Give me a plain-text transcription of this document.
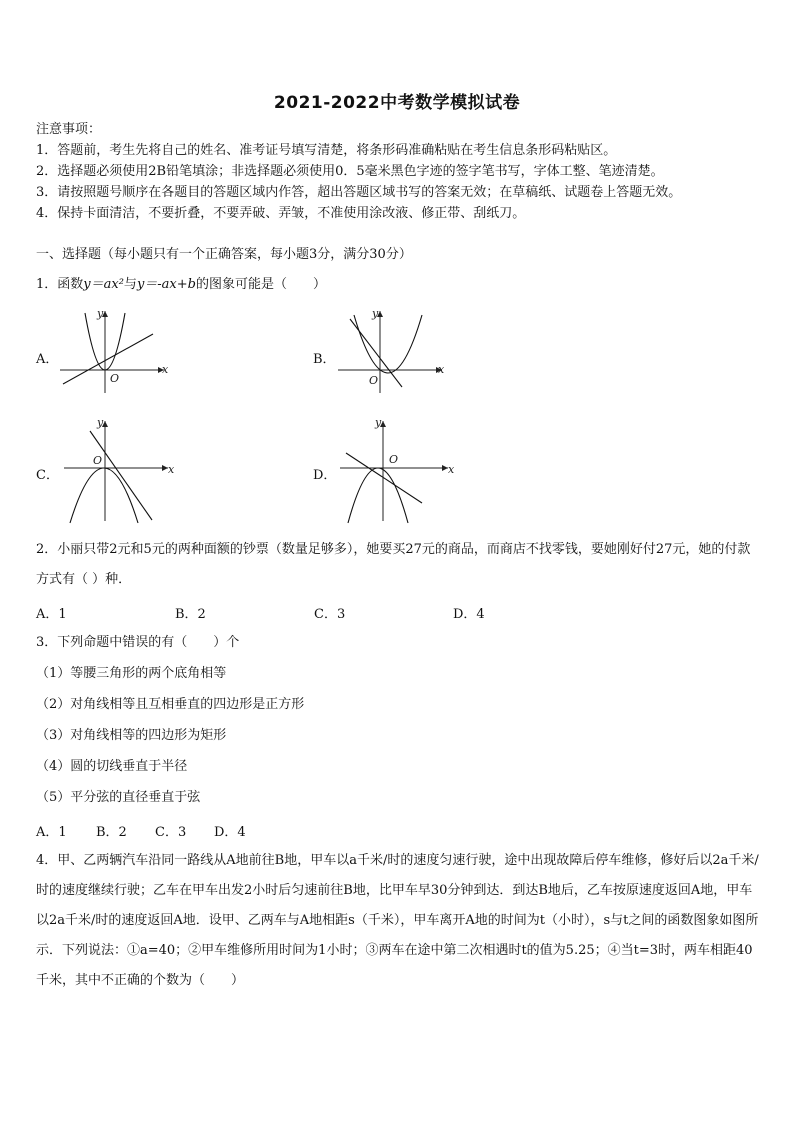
2021-2022中考数学模拟试卷
注意事项：
1．答题前，考生先将自己的姓名、准考证号填写清楚，将条形码准确粘贴在考生信息条形码粘贴区。
2．选择题必须使用2B铅笔填涂；非选择题必须使用0．5毫米黑色字迹的签字笔书写，字体工整、笔迹清楚。
3．请按照题号顺序在各题目的答题区域内作答，超出答题区域书写的答案无效；在草稿纸、试题卷上答题无效。
4．保持卡面清洁，不要折叠，不要弄破、弄皱，不准使用涂改液、修正带、刮纸刀。
一、选择题（每小题只有一个正确答案，每小题3分，满分30分）
1．函数y＝ax²与y＝-ax+b的图象可能是（　　）
A．
y
x
O
B．
y
x
O
C．
y
x
O
D．
y
x
O
2．小丽只带2元和5元的两种面额的钞票（数量足够多），她要买27元的商品，而商店不找零钱，要她刚好付27元，她的付款方式有（ ）种．
A．1	B．2	C．3	D．4
3．下列命题中错误的有（　　）个
（1）等腰三角形的两个底角相等
（2）对角线相等且互相垂直的四边形是正方形
（3）对角线相等的四边形为矩形
（4）圆的切线垂直于半径
（5）平分弦的直径垂直于弦
A．1 B．2 C．3 D．4
4．甲、乙两辆汽车沿同一路线从A地前往B地，甲车以a千米/时的速度匀速行驶，途中出现故障后停车维修，修好后以2a千米/时的速度继续行驶；乙车在甲车出发2小时后匀速前往B地，比甲车早30分钟到达．到达B地后，乙车按原速度返回A地，甲车以2a千米/时的速度返回A地．设甲、乙两车与A地相距s（千米），甲车离开A地的时间为t（小时），s与t之间的函数图象如图所示．下列说法：①a=40；②甲车维修所用时间为1小时；③两车在途中第二次相遇时t的值为5.25；④当t=3时，两车相距40千米，其中不正确的个数为（　　）
